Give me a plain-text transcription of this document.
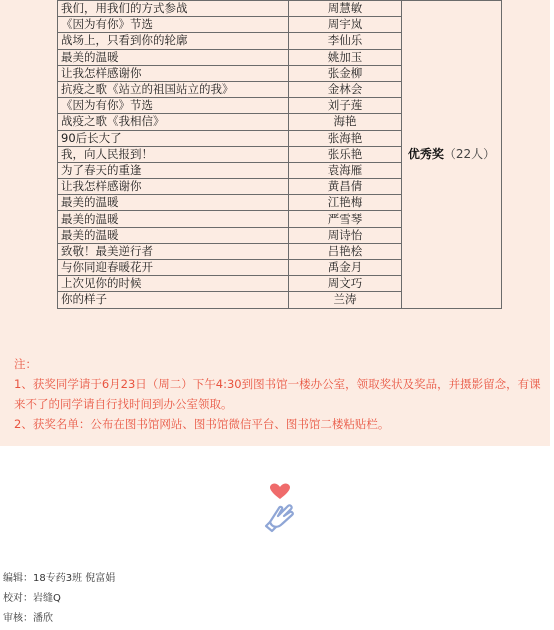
我们，用我们的方式参战	周慧敏	优秀奖（22人）
《因为有你》节选	周宇岚	
战场上，只看到你的轮廓	李仙乐	
最美的温暖	姚加玉	
让我怎样感谢你	张金柳	
抗疫之歌《站立的祖国站立的我》	金林会	
《因为有你》节选	刘子莲	
战疫之歌《我相信》	海艳	
90后长大了	张海艳	
我，向人民报到！	张乐艳	
为了春天的重逢	袁海雁	
让我怎样感谢你	黄昌倩	
最美的温暖	江艳梅	
最美的温暖	严雪琴	
最美的温暖	周诗怡	
致敬！最美逆行者	吕艳桧	
与你同迎春暖花开	禹金月	
上次见你的时候	周文巧	
你的样子	兰涛	

注：

1、获奖同学请于6月23日（周二）下午4:30到图书馆一楼办公室，领取奖状及奖品，并摄影留念，有课来不了的同学请自行找时间到办公室领取。

2、获奖名单：公布在图书馆网站、图书馆微信平台、图书馆二楼粘贴栏。

编辑：18专药3班 倪富娟
校对：岩缝Q
审核：潘欣
